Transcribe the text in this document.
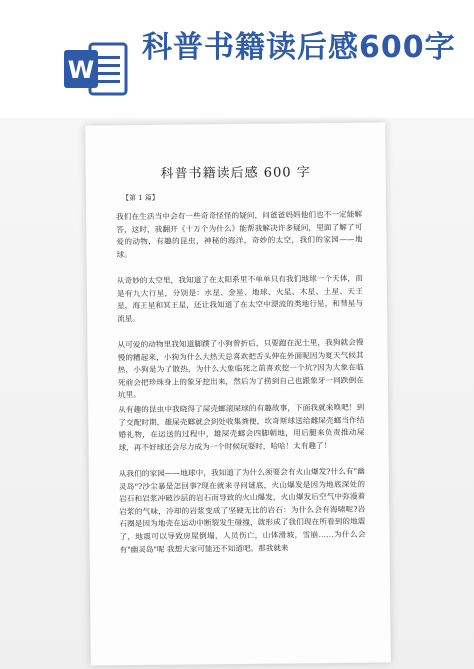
W
科普书籍读后感600字
科普书籍读后感 600 字
【第 1 篇】

我们在生活当中会有一些奇奇怪怪的疑问，问爸爸妈妈他们也不一定能解答，这时，我翻开《十万个为什么》能帮我解决许多疑问，里面了解了可爱的动物，有趣的昆虫，神秘的海洋，奇妙的太空，我们的家园——地球。

从奇妙的太空里，我知道了在太阳系里不单单只有我们地球一个天体，而是有九大行星，分别是：水星、金星、地球、火星、木星、土星、天王星，海王星和冥王星，还让我知道了在太空中漂流的类地行星，和彗星与流星。

从可爱的动物里我知道脚蹼了小狗曾折后，只要跑在泥土里，我狗就会慢慢的糟起来，小狗为什么大热天总喜欢把舌头伸在外面呢因为夏天气候其热，小狗是为了散热，为什么大象临死之前喜欢挖一个坑?因为大象在临死前会把珍珠身上的象牙挖出来，然后为了捞到自己也跟象牙一同跌倒在坑里。

从有趣的昆虫中我晓得了屎壳螂滚屎球的有趣故事，下面我就来唤吧！到了交配时期，雄屎壳螂就会到处收集粪便，坎奇斯球送给雌屎壳螂当作结婚礼物，在运送的过程中，雄屎壳螂会四脚朝地，用后腿来负责推动屎球，再不好球还会尽力成为一个时候玩耍时，哈哈！太有趣了！

从我们的家园——地球中，我知道了为什么须要会有火山爆发?什么有"幽灵岛"?沙尘暴是怎回事?现在就来寻问谜底，火山爆发是因为地底深处的岩石和岩浆冲破沙层的岩石而导致的火山爆发，火山爆发后空气中弥漫着岩浆的气味，冷却的岩浆变成了坚硬无比的岩石：为什么会有海啸呢?岩石圈是因为地壳在运动中断裂发生碰撞，就形成了我们现在所看到的地震了，地震可以导致房屋倒塌，人员伤亡，山体滑坡，雪崩……为什么会有"幽灵岛"呢 我想大家可能还不知道吧。那我就来
